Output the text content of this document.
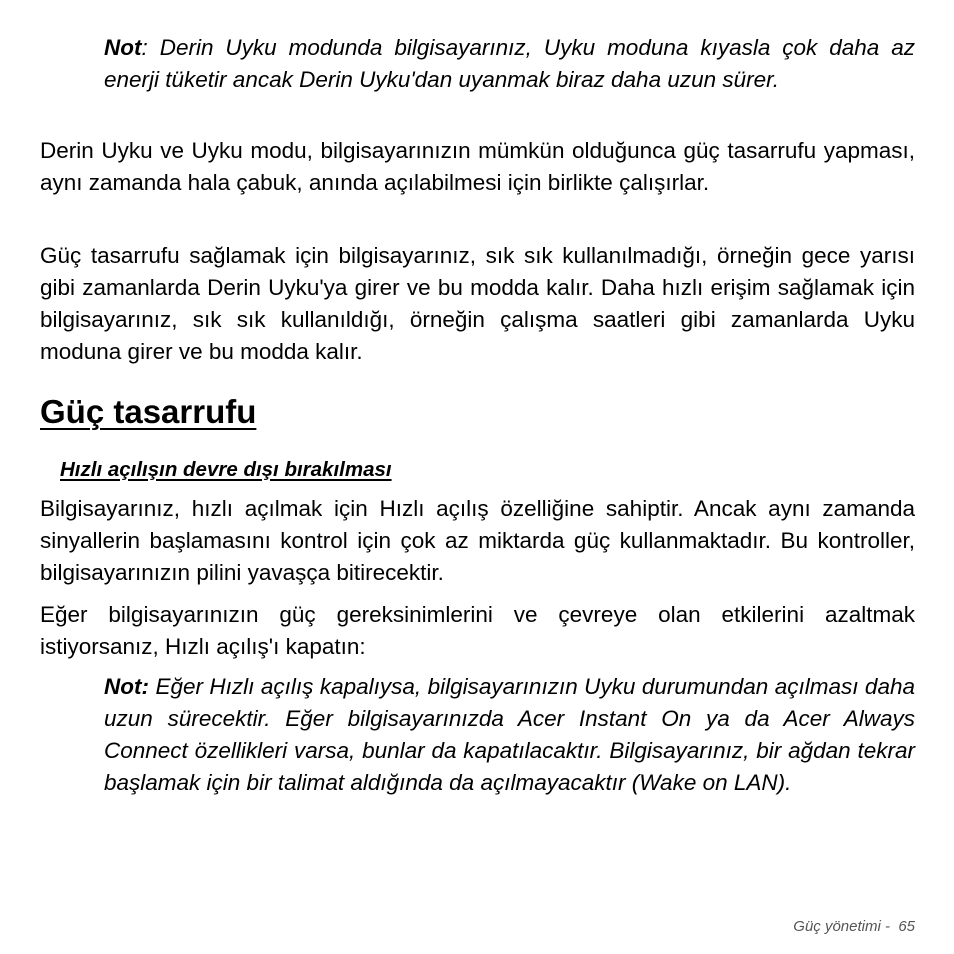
Not: Derin Uyku modunda bilgisayarınız, Uyku moduna kıyasla çok daha az enerji tüketir ancak Derin Uyku'dan uyanmak biraz daha uzun sürer.

Derin Uyku ve Uyku modu, bilgisayarınızın mümkün olduğunca güç tasarrufu yapması, aynı zamanda hala çabuk, anında açılabilmesi için birlikte çalışırlar.

Güç tasarrufu sağlamak için bilgisayarınız, sık sık kullanılmadığı, örneğin gece yarısı gibi zamanlarda Derin Uyku'ya girer ve bu modda kalır. Daha hızlı erişim sağlamak için bilgisayarınız, sık sık kullanıldığı, örneğin çalışma saatleri gibi zamanlarda Uyku moduna girer ve bu modda kalır.

Güç tasarrufu
Hızlı açılışın devre dışı bırakılması

Bilgisayarınız, hızlı açılmak için Hızlı açılış özelliğine sahiptir. Ancak aynı zamanda sinyallerin başlamasını kontrol için çok az miktarda güç kullanmaktadır. Bu kontroller, bilgisayarınızın pilini yavaşça bitirecektir.

Eğer bilgisayarınızın güç gereksinimlerini ve çevreye olan etkilerini azaltmak istiyorsanız, Hızlı açılış'ı kapatın:

Not: Eğer Hızlı açılış kapalıysa, bilgisayarınızın Uyku durumundan açılması daha uzun sürecektir. Eğer bilgisayarınızda Acer Instant On ya da Acer Always Connect özellikleri varsa, bunlar da kapatılacaktır. Bilgisayarınız, bir ağdan tekrar başlamak için bir talimat aldığında da açılmayacaktır (Wake on LAN).

Güç yönetimi -  65
